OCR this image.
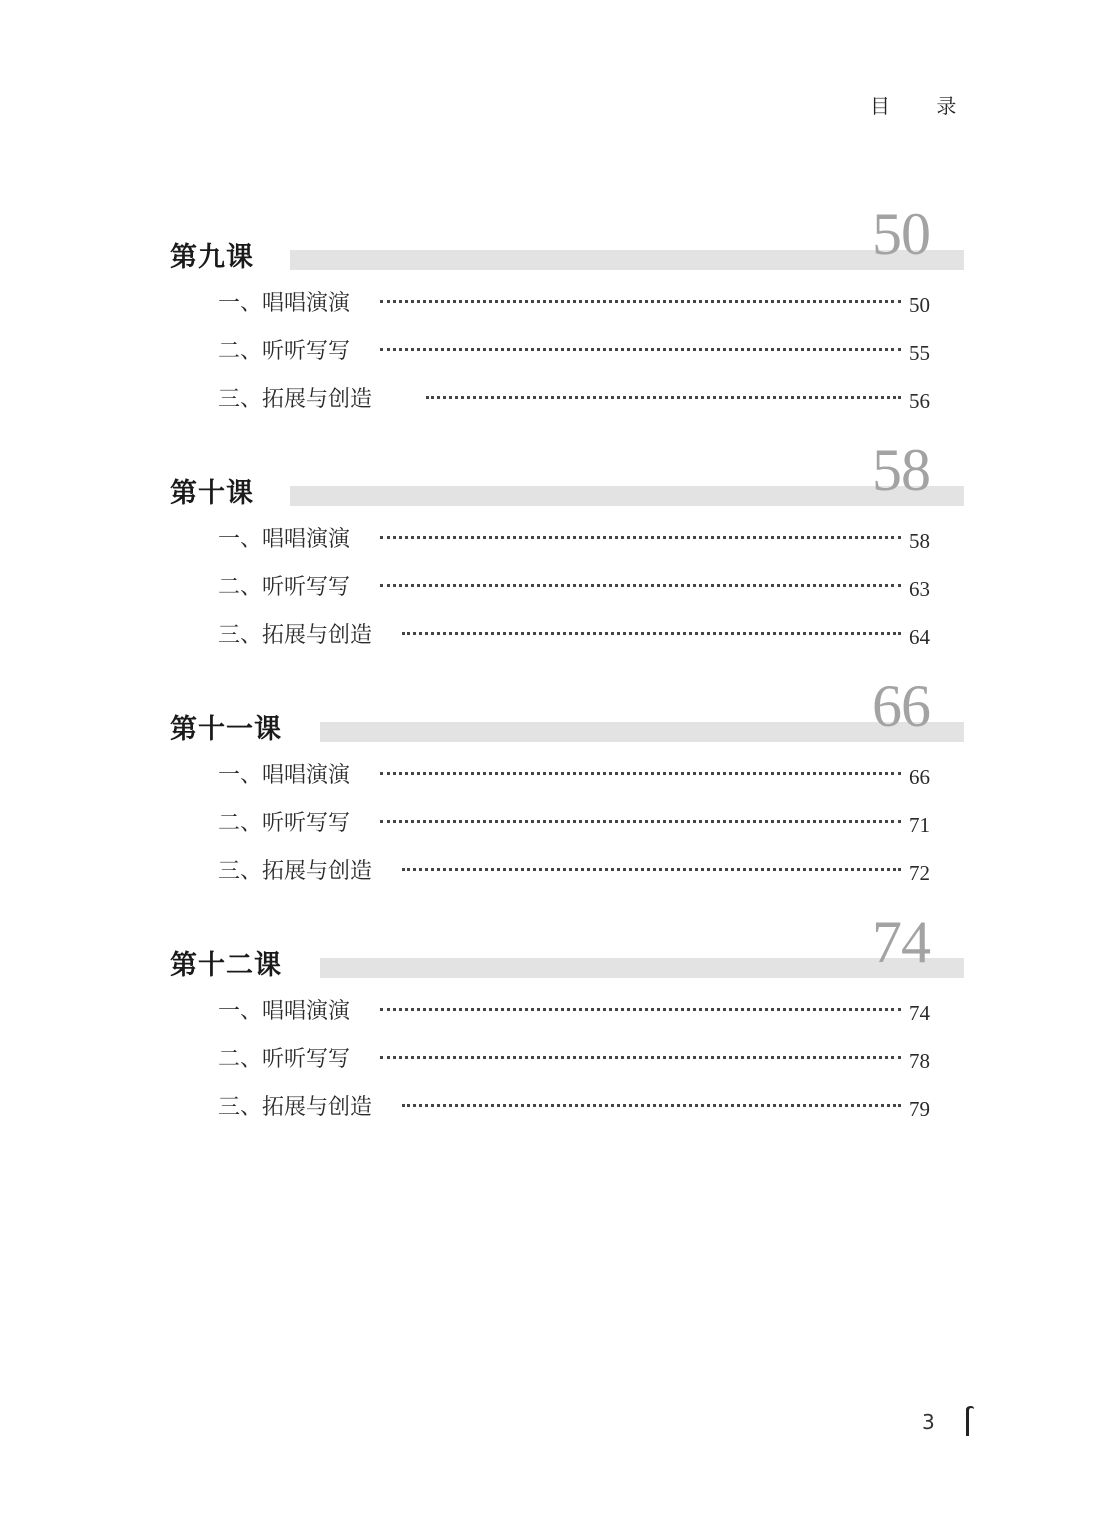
目 录
50
第九课
一、唱唱演演	50
二、听听写写	55
三、拓展与创造	56
58
第十课
一、唱唱演演	58
二、听听写写	63
三、拓展与创造	64
66
第十一课
一、唱唱演演	66
二、听听写写	71
三、拓展与创造	72
74
第十二课
一、唱唱演演	74
二、听听写写	78
三、拓展与创造	79
3
